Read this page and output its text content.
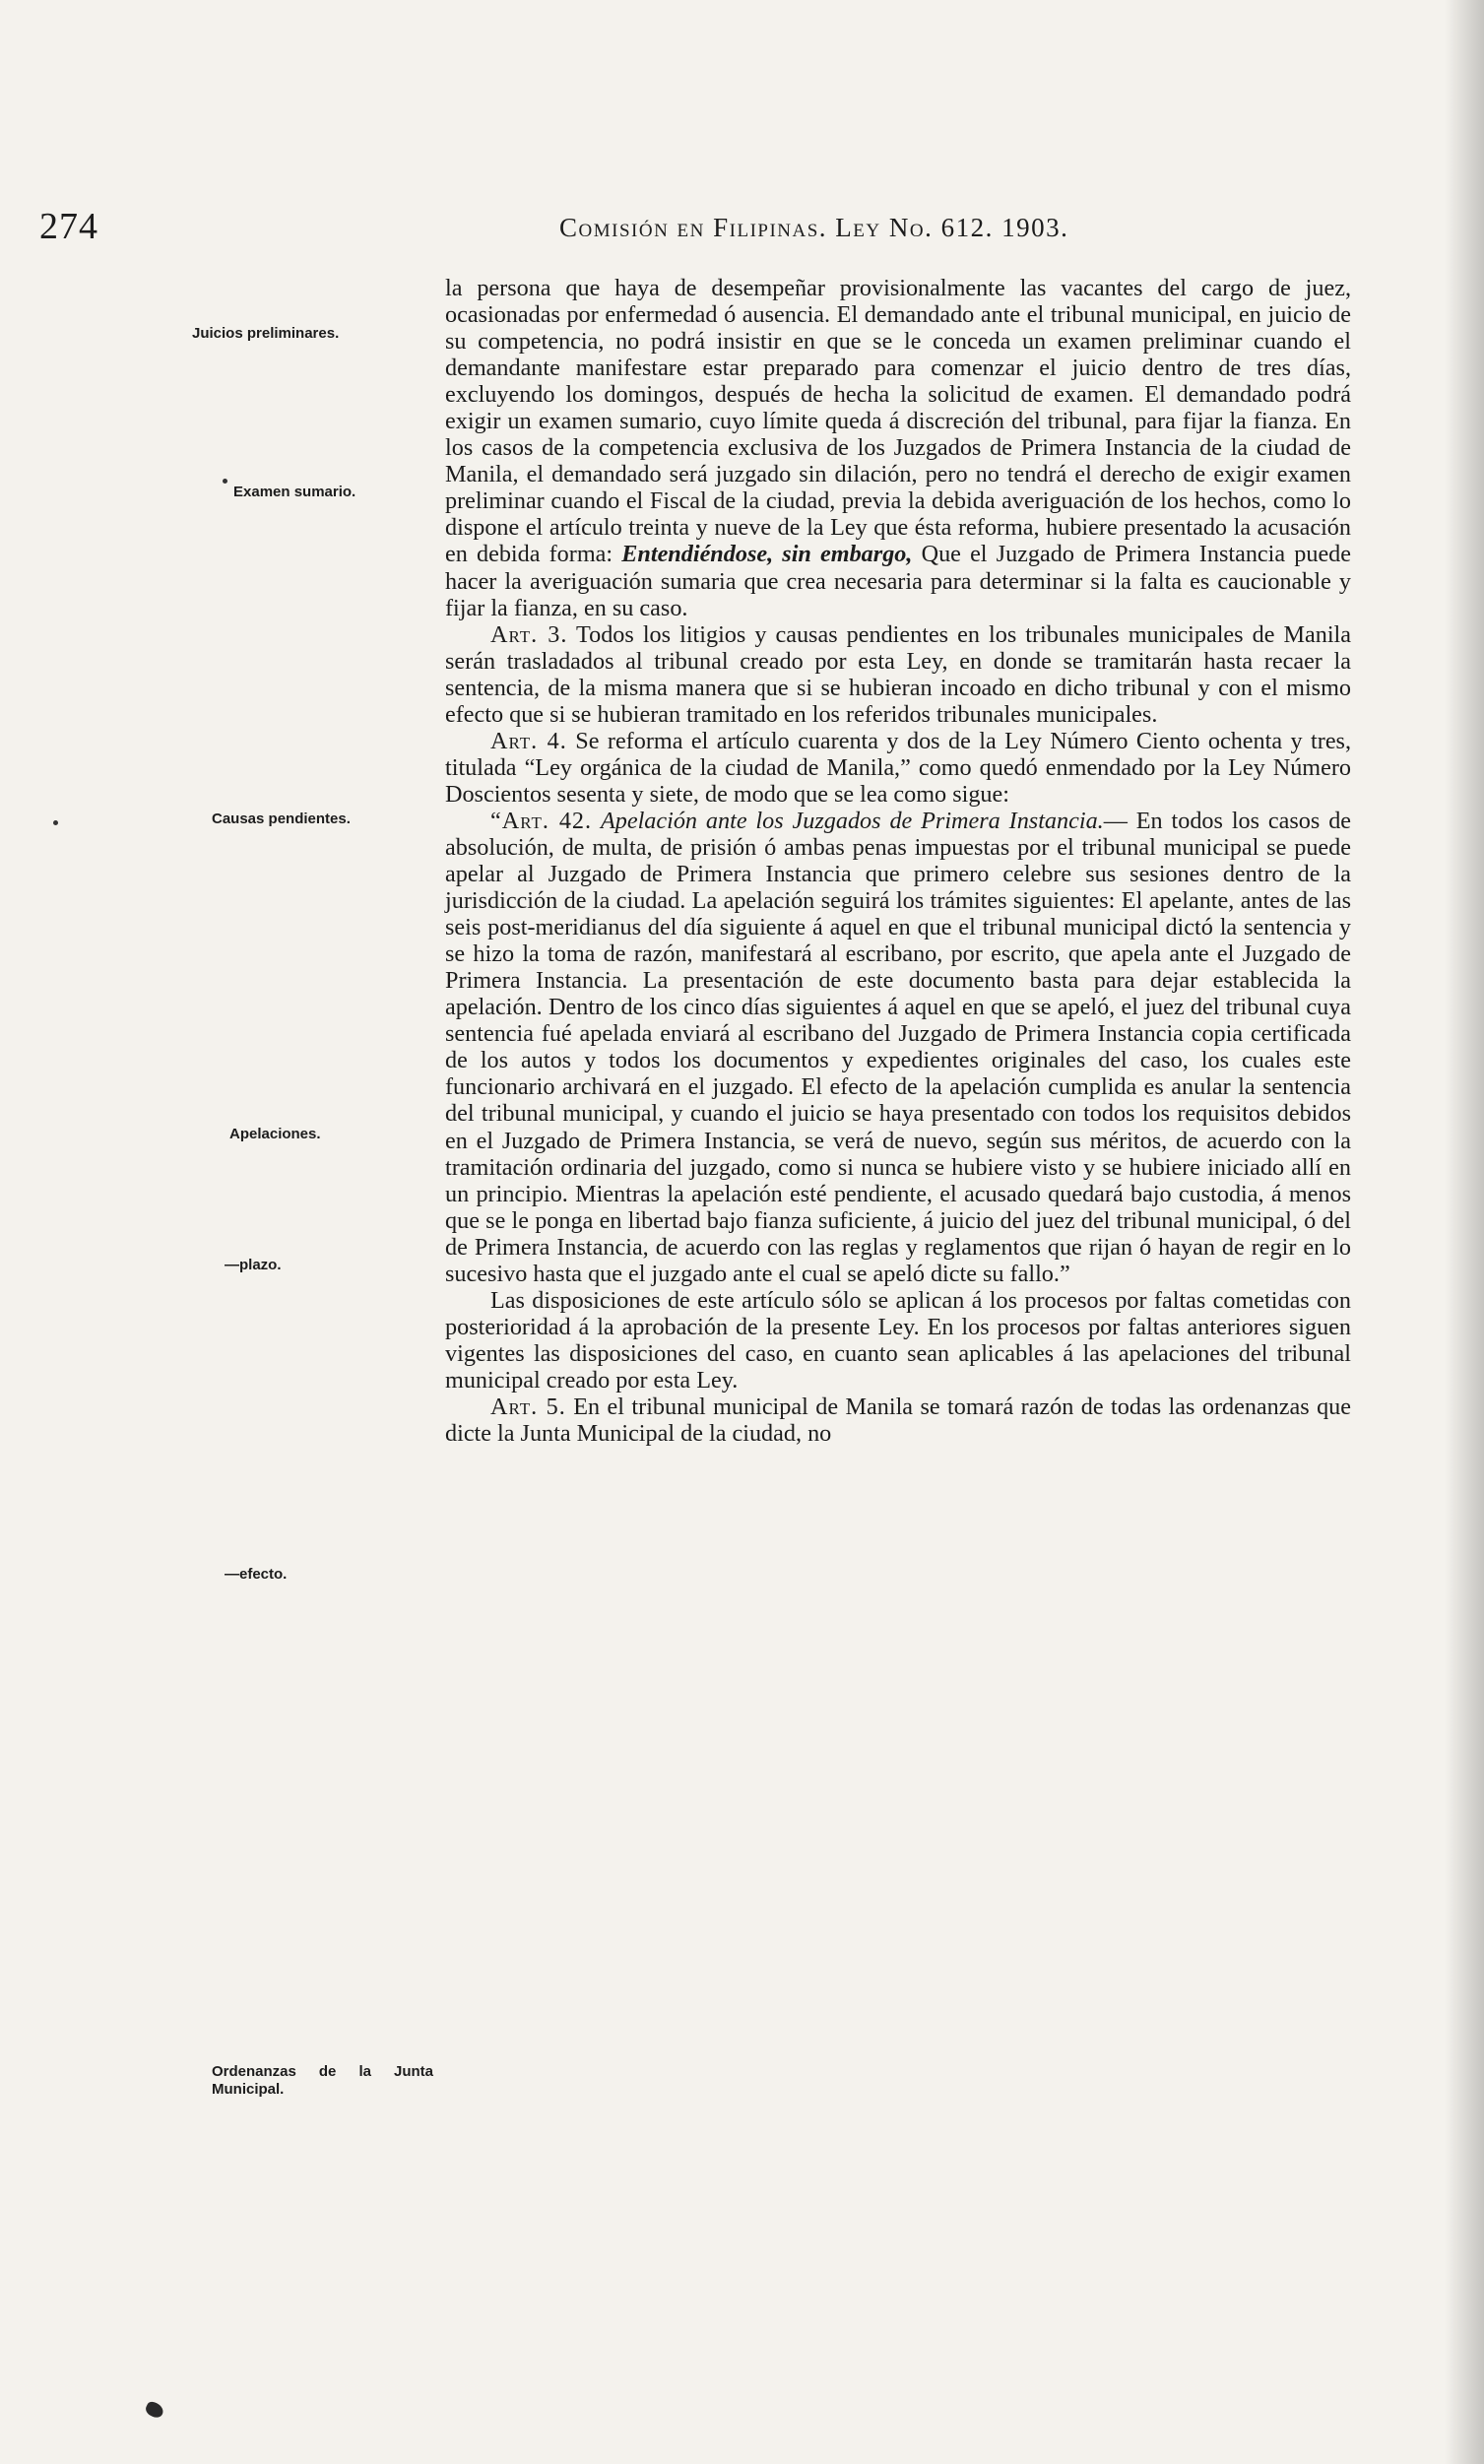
274	Comisión en Filipinas. Ley No. 612. 1903.
Juicios preliminares.
Examen sumario.
Causas pendientes.
Apelaciones.
—plazo.
—efecto.
Ordenanzas de la Junta Municipal.

la persona que haya de desempeñar provisionalmente las vacantes del cargo de juez, ocasionadas por enfermedad ó ausencia. El demandado ante el tribunal municipal, en juicio de su competencia, no podrá insistir en que se le conceda un examen preliminar cuando el demandante manifestare estar preparado para comenzar el juicio dentro de tres días, excluyendo los domingos, después de hecha la solicitud de examen. El demandado podrá exigir un examen sumario, cuyo límite queda á discreción del tribunal, para fijar la fianza. En los casos de la competencia exclusiva de los Juzgados de Primera Instancia de la ciudad de Manila, el demandado será juzgado sin dilación, pero no tendrá el derecho de exigir examen preliminar cuando el Fiscal de la ciudad, previa la debida averiguación de los hechos, como lo dispone el artículo treinta y nueve de la Ley que ésta reforma, hubiere presentado la acusación en debida forma: Entendiéndose, sin embargo, Que el Juzgado de Primera Instancia puede hacer la averiguación sumaria que crea necesaria para determinar si la falta es caucionable y fijar la fianza, en su caso.

Art. 3. Todos los litigios y causas pendientes en los tribunales municipales de Manila serán trasladados al tribunal creado por esta Ley, en donde se tramitarán hasta recaer la sentencia, de la misma manera que si se hubieran incoado en dicho tribunal y con el mismo efecto que si se hubieran tramitado en los referidos tribunales municipales.

Art. 4. Se reforma el artículo cuarenta y dos de la Ley Número Ciento ochenta y tres, titulada “Ley orgánica de la ciudad de Manila,” como quedó enmendado por la Ley Número Doscientos sesenta y siete, de modo que se lea como sigue:

“Art. 42. Apelación ante los Juzgados de Primera Instancia.— En todos los casos de absolución, de multa, de prisión ó ambas penas impuestas por el tribunal municipal se puede apelar al Juzgado de Primera Instancia que primero celebre sus sesiones dentro de la jurisdicción de la ciudad. La apelación seguirá los trámites siguientes: El apelante, antes de las seis post-meridianus del día siguiente á aquel en que el tribunal municipal dictó la sentencia y se hizo la toma de razón, manifestará al escribano, por escrito, que apela ante el Juzgado de Primera Instancia. La presentación de este documento basta para dejar establecida la apelación. Dentro de los cinco días siguientes á aquel en que se apeló, el juez del tribunal cuya sentencia fué apelada enviará al escribano del Juzgado de Primera Instancia copia certificada de los autos y todos los documentos y expedientes originales del caso, los cuales este funcionario archivará en el juzgado. El efecto de la apelación cumplida es anular la sentencia del tribunal municipal, y cuando el juicio se haya presentado con todos los requisitos debidos en el Juzgado de Primera Instancia, se verá de nuevo, según sus méritos, de acuerdo con la tramitación ordinaria del juzgado, como si nunca se hubiere visto y se hubiere iniciado allí en un principio. Mientras la apelación esté pendiente, el acusado quedará bajo custodia, á menos que se le ponga en libertad bajo fianza suficiente, á juicio del juez del tribunal municipal, ó del de Primera Instancia, de acuerdo con las reglas y reglamentos que rijan ó hayan de regir en lo sucesivo hasta que el juzgado ante el cual se apeló dicte su fallo.”

Las disposiciones de este artículo sólo se aplican á los procesos por faltas cometidas con posterioridad á la aprobación de la presente Ley. En los procesos por faltas anteriores siguen vigentes las disposiciones del caso, en cuanto sean aplicables á las apelaciones del tribunal municipal creado por esta Ley.

Art. 5. En el tribunal municipal de Manila se tomará razón de todas las ordenanzas que dicte la Junta Municipal de la ciudad, no
